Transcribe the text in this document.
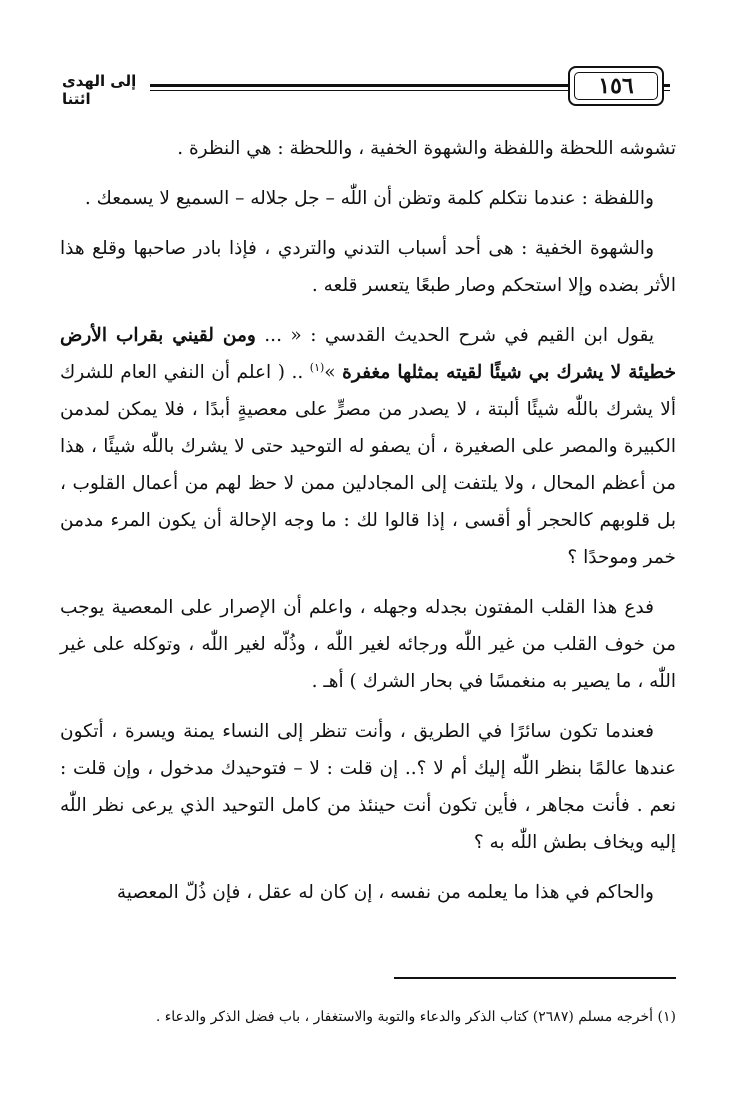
إلى الهدى ائتنا	١٥٦

تشوشه اللحظة واللفظة والشهوة الخفية ، واللحظة : هي النظرة .

واللفظة : عندما نتكلم كلمة وتظن أن اللّٰه – جل جلاله – السميع لا يسمعك .

والشهوة الخفية : هى أحد أسباب التدني والتردي ، فإذا بادر صاحبها وقلع هذا الأثر بضده وإلا استحكم وصار طبعًا يتعسر قلعه .

يقول ابن القيم في شرح الحديث القدسي : « ... ومن لقيني بقراب الأرض خطيئة لا يشرك بي شيئًا لقيته بمثلها مغفرة »$^{(١)}$ .. ( اعلم أن النفي العام للشرك ألا يشرك باللّٰه شيئًا ألبتة ، لا يصدر من مصرٍّ على معصيةٍ أبدًا ، فلا يمكن لمدمن الكبيرة والمصر على الصغيرة ، أن يصفو له التوحيد حتى لا يشرك باللّٰه شيئًا ، هذا من أعظم المحال ، ولا يلتفت إلى المجادلين ممن لا حظ لهم من أعمال القلوب ، بل قلوبهم كالحجر أو أقسى ، إذا قالوا لك : ما وجه الإحالة أن يكون المرء مدمن خمر وموحدًا ؟

فدع هذا القلب المفتون بجدله وجهله ، واعلم أن الإصرار على المعصية يوجب من خوف القلب من غير اللّٰه ورجائه لغير اللّٰه ، وذُلّه لغير اللّٰه ، وتوكله على غير اللّٰه ، ما يصير به منغمسًا في بحار الشرك ) أهـ .

فعندما تكون سائرًا في الطريق ، وأنت تنظر إلى النساء يمنة ويسرة ، أتكون عندها عالمًا بنظر اللّٰه إليك أم لا ؟.. إن قلت : لا – فتوحيدك مدخول ، وإن قلت : نعم . فأنت مجاهر ، فأين تكون أنت حينئذ من كامل التوحيد الذي يرعى نظر اللّٰه إليه ويخاف بطش اللّٰه به ؟

والحاكم في هذا ما يعلمه من نفسه ، إن كان له عقل ، فإن ذُلّ المعصية

(١) أخرجه مسلم (٢٦٨٧) كتاب الذكر والدعاء والتوبة والاستغفار ، باب فضل الذكر والدعاء .
